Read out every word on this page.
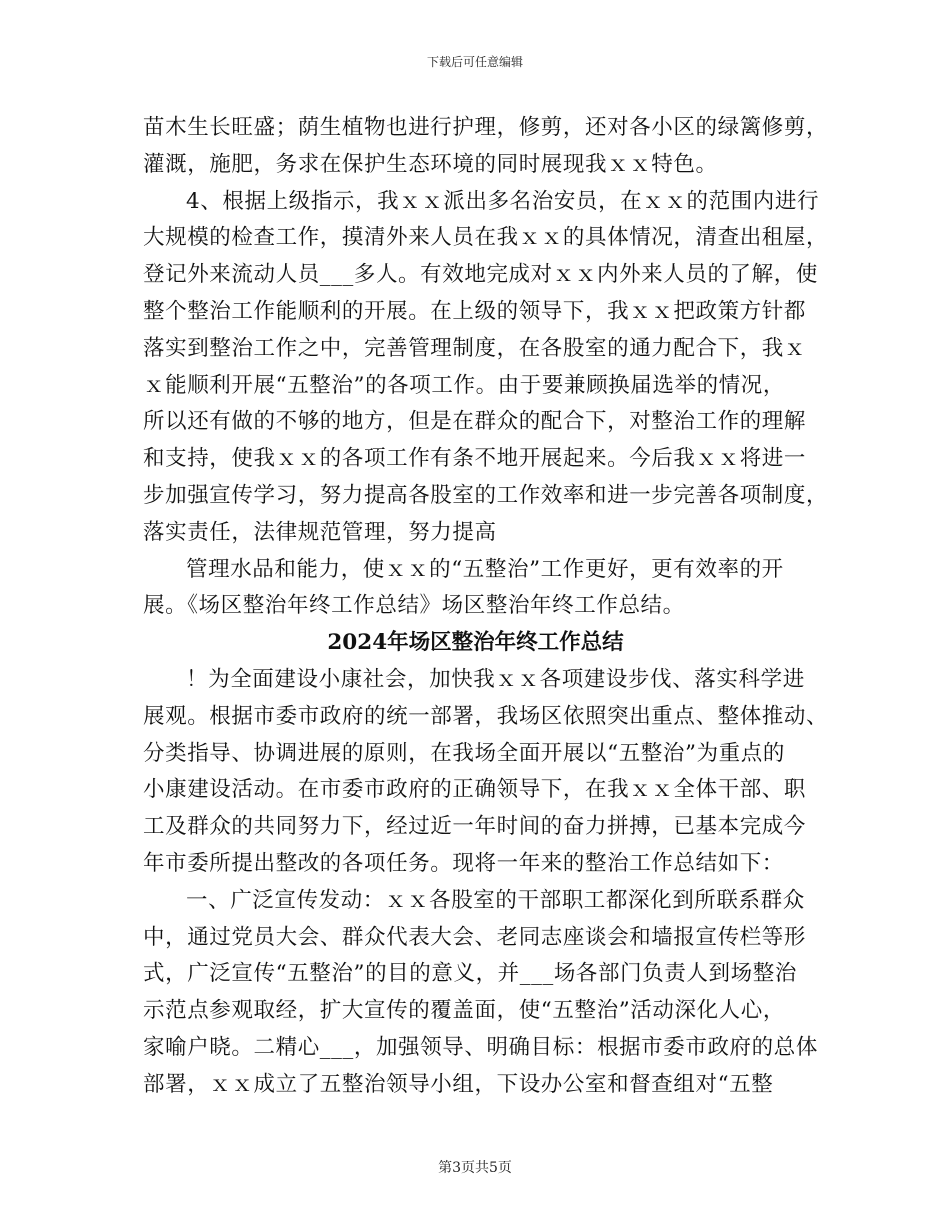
下载后可任意编辑
苗木生长旺盛；荫生植物也进行护理，修剪，还对各小区的绿篱修剪，
灌溉，施肥，务求在保护生态环境的同时展现我ｘｘ特色。
4、根据上级指示，我ｘｘ派出多名治安员，在ｘｘ的范围内进行
大规模的检查工作，摸清外来人员在我ｘｘ的具体情况，清查出租屋，
登记外来流动人员___多人。有效地完成对ｘｘ内外来人员的了解，使
整个整治工作能顺利的开展。在上级的领导下，我ｘｘ把政策方针都
落实到整治工作之中，完善管理制度，在各股室的通力配合下，我ｘ
ｘ能顺利开展“五整治”的各项工作。由于要兼顾换届选举的情况，
所以还有做的不够的地方，但是在群众的配合下，对整治工作的理解
和支持，使我ｘｘ的各项工作有条不地开展起来。今后我ｘｘ将进一
步加强宣传学习，努力提高各股室的工作效率和进一步完善各项制度，
落实责任，法律规范管理，努力提高
管理水品和能力，使ｘｘ的“五整治”工作更好，更有效率的开
展。《场区整治年终工作总结》场区整治年终工作总结。
2024年场区整治年终工作总结
！为全面建设小康社会，加快我ｘｘ各项建设步伐、落实科学进
展观。根据市委市政府的统一部署，我场区依照突出重点、整体推动、
分类指导、协调进展的原则，在我场全面开展以“五整治”为重点的
小康建设活动。在市委市政府的正确领导下，在我ｘｘ全体干部、职
工及群众的共同努力下，经过近一年时间的奋力拼搏，已基本完成今
年市委所提出整改的各项任务。现将一年来的整治工作总结如下：
一、广泛宣传发动：ｘｘ各股室的干部职工都深化到所联系群众
中，通过党员大会、群众代表大会、老同志座谈会和墙报宣传栏等形
式，广泛宣传“五整治”的目的意义，并___场各部门负责人到场整治
示范点参观取经，扩大宣传的覆盖面，使“五整治”活动深化人心，
家喻户晓。二精心___，加强领导、明确目标：根据市委市政府的总体
部署，ｘｘ成立了五整治领导小组，下设办公室和督查组对“五整
第3页共5页
